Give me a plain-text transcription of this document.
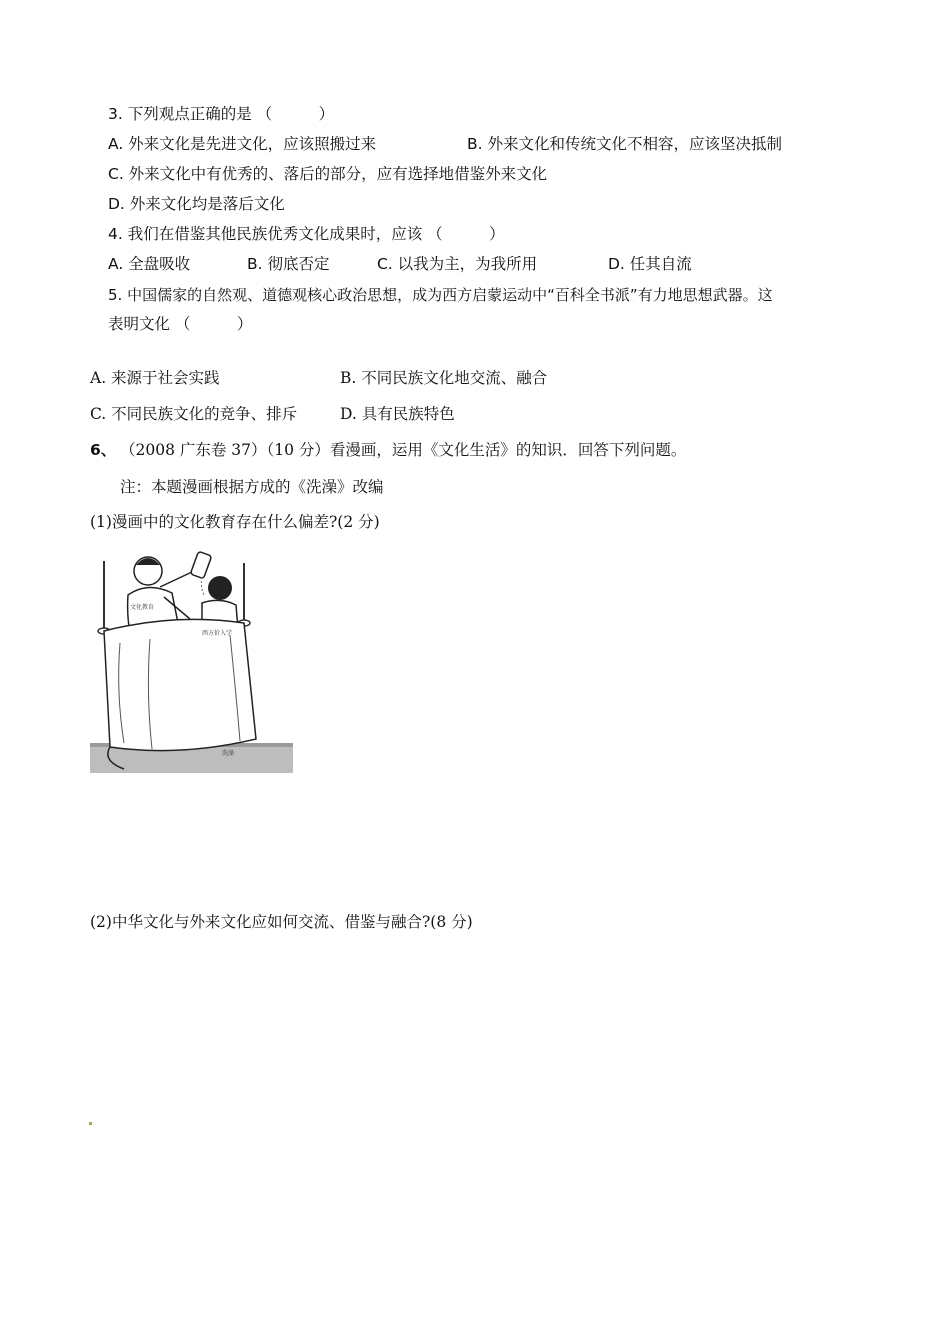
3. 下列观点正确的是 （　　　）
A. 外来文化是先进文化，应该照搬过来	B. 外来文化和传统文化不相容，应该坚决抵制
C. 外来文化中有优秀的、落后的部分，应有选择地借鉴外来文化
D. 外来文化均是落后文化
4. 我们在借鉴其他民族优秀文化成果时，应该 （　　　）
A. 全盘吸收	B. 彻底否定	C. 以我为主，为我所用	D. 任其自流
5. 中国儒家的自然观、道德观核心政治思想，成为西方启蒙运动中“百科全书派”有力地思想武器。这
表明文化 （　　　）
A. 来源于社会实践	B. 不同民族文化地交流、融合
C. 不同民族文化的竞争、排斥	D. 具有民族特色
6、 （2008 广东卷 37）（10 分）看漫画，运用《文化生活》的知识．回答下列问题。
注：本题漫画根据方成的《洗澡》改编
(1)漫画中的文化教育存在什么偏差?(2 分)
文化教育
西方价入学
洗澡
(2)中华文化与外来文化应如何交流、借鉴与融合?(8 分)
